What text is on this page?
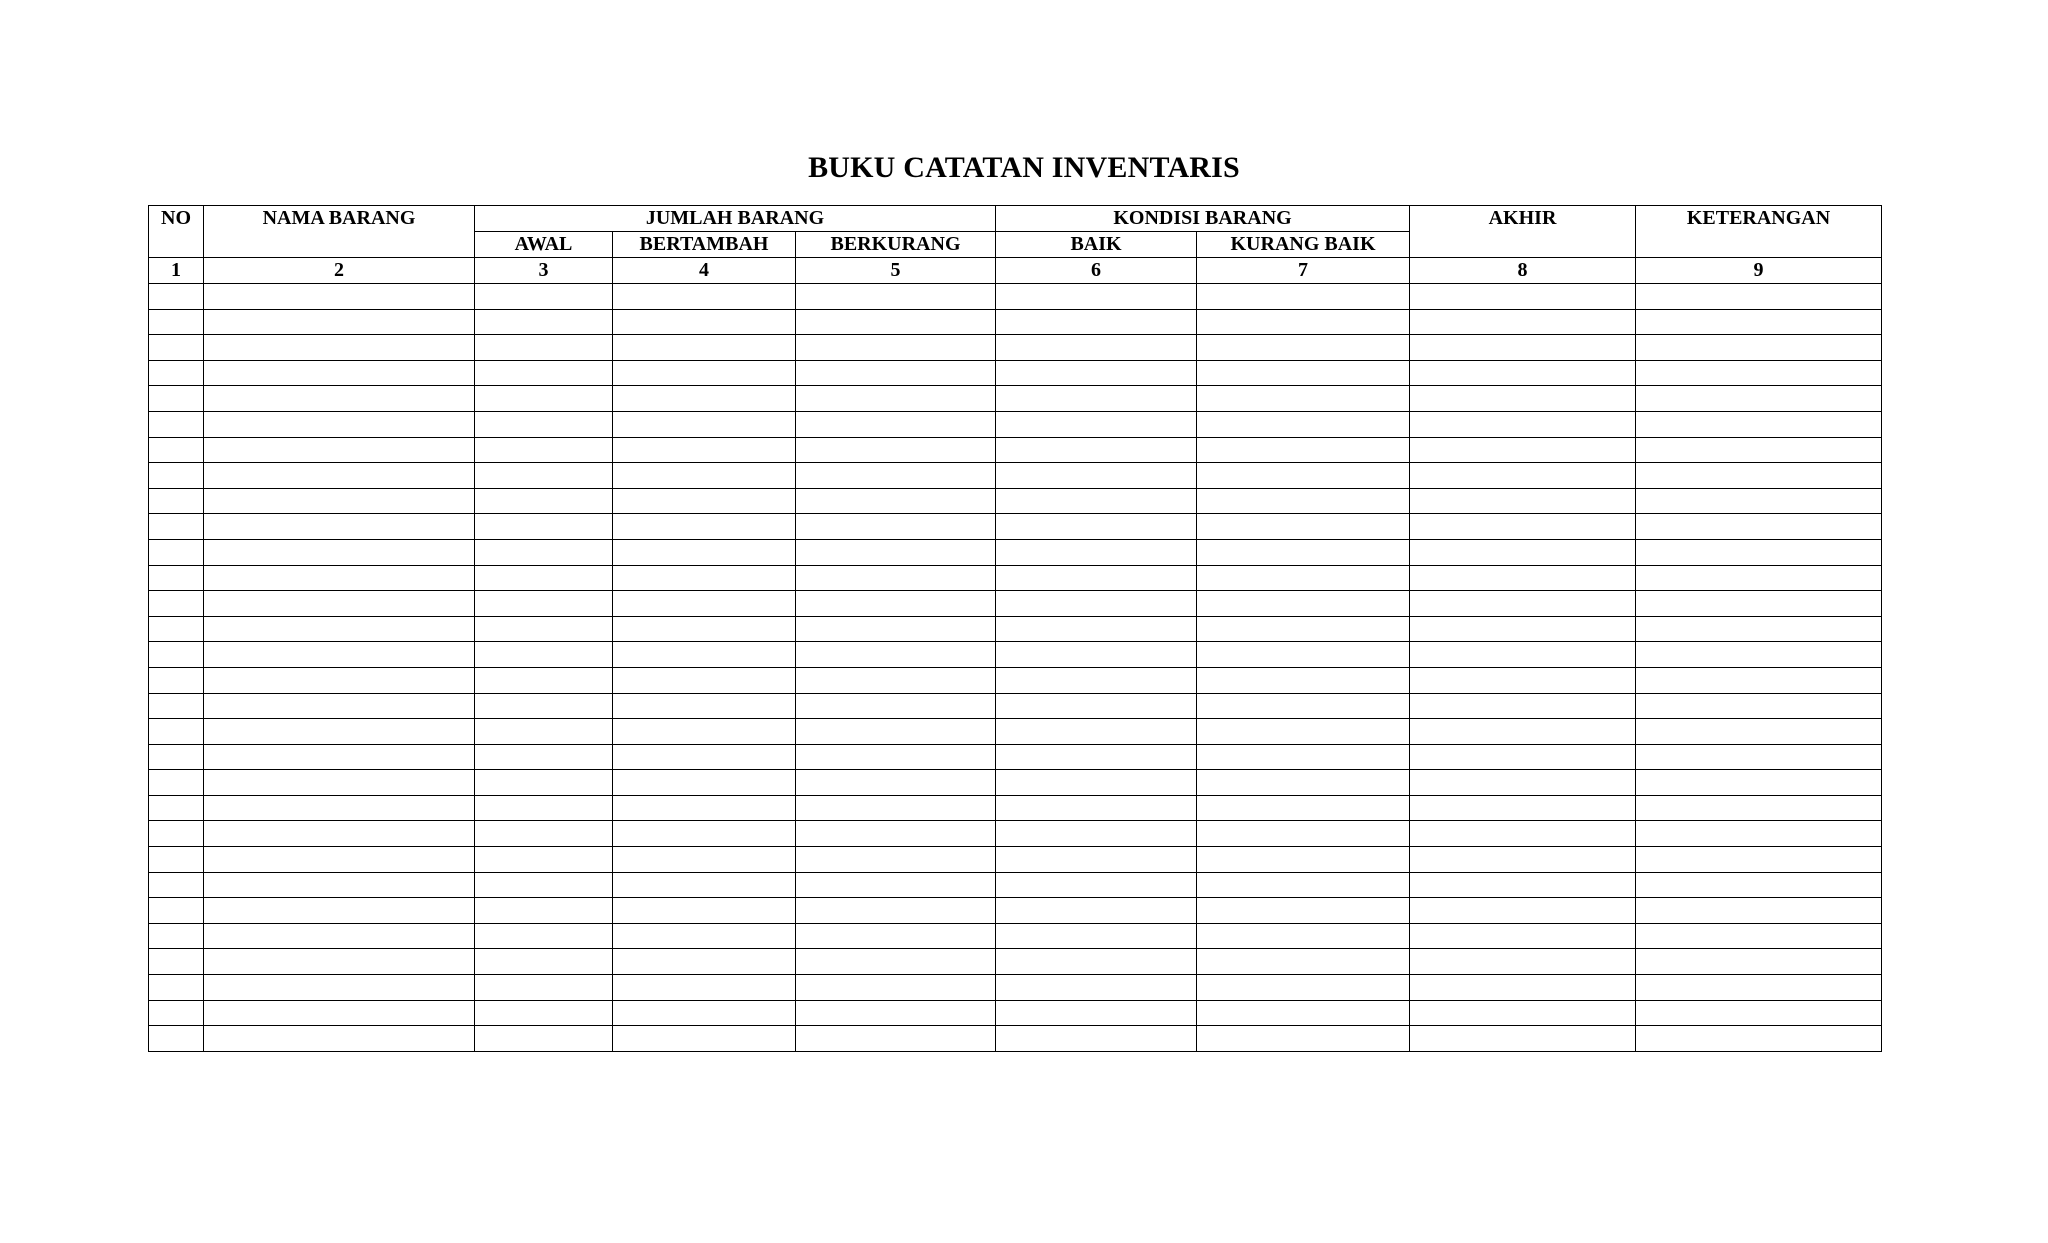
BUKU CATATAN INVENTARIS
NO	NAMA BARANG	JUMLAH BARANG			KONDISI BARANG		AKHIR	KETERANGAN
		AWAL	BERTAMBAH	BERKURANG	BAIK	KURANG BAIK		
1	2	3	4	5	6	7	8	9
